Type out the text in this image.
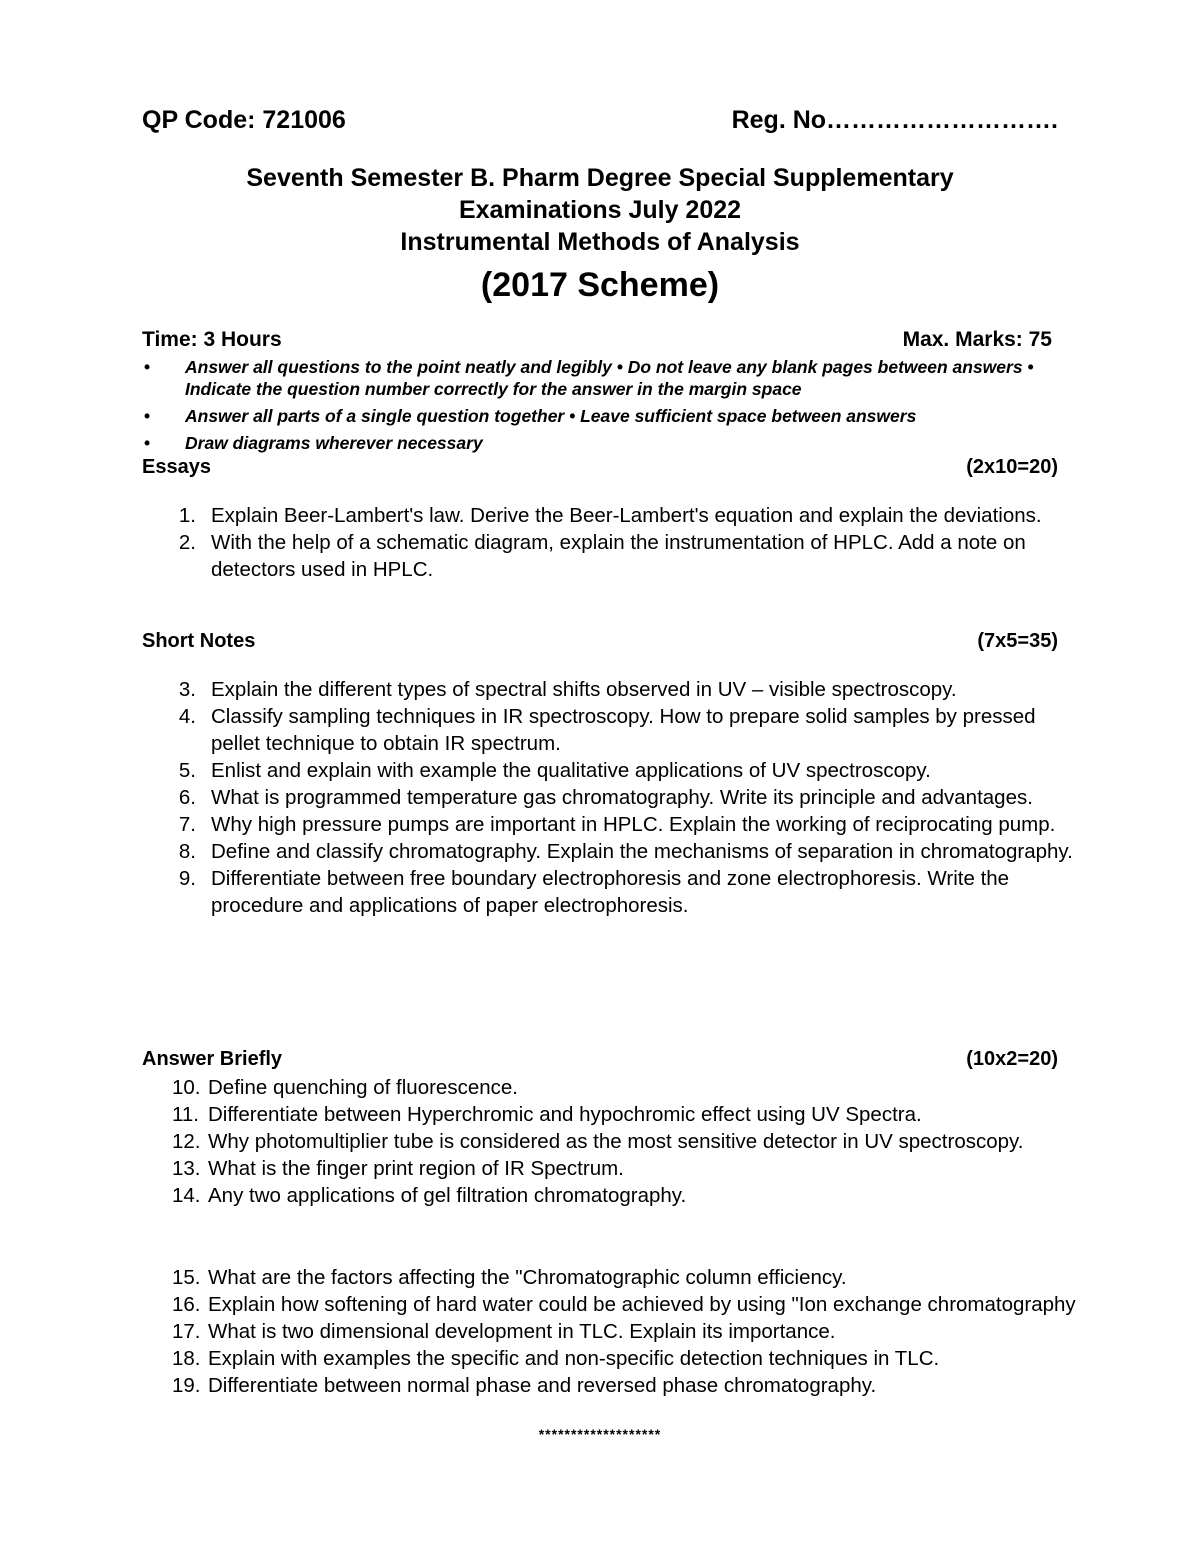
QP Code: 721006	Reg. No……………………….
Seventh Semester B. Pharm Degree Special Supplementary
Examinations July 2022
Instrumental Methods of Analysis
(2017 Scheme)
Time: 3 Hours	Max. Marks: 75
• Answer all questions to the point neatly and legibly • Do not leave any blank pages between answers • Indicate the question number correctly for the answer in the margin space
• Answer all parts of a single question together • Leave sufficient space between answers
• Draw diagrams wherever necessary
Essays	(2x10=20)
1. Explain Beer-Lambert's law. Derive the Beer-Lambert's equation and explain the deviations.
2. With the help of a schematic diagram, explain the instrumentation of HPLC. Add a note on detectors used in HPLC.
Short Notes	(7x5=35)
3. Explain the different types of spectral shifts observed in UV – visible spectroscopy.
4. Classify sampling techniques in IR spectroscopy. How to prepare solid samples by pressed pellet technique to obtain IR spectrum.
5. Enlist and explain with example the qualitative applications of UV spectroscopy.
6. What is programmed temperature gas chromatography. Write its principle and advantages.
7. Why high pressure pumps are important in HPLC. Explain the working of reciprocating pump.
8. Define and classify chromatography. Explain the mechanisms of separation in chromatography.
9. Differentiate between free boundary electrophoresis and zone electrophoresis. Write the procedure and applications of paper electrophoresis.
Answer Briefly	(10x2=20)
10. Define quenching of fluorescence.
11. Differentiate between Hyperchromic and hypochromic effect using UV Spectra.
12. Why photomultiplier tube is considered as the most sensitive detector in UV spectroscopy.
13. What is the finger print region of IR Spectrum.
14. Any two applications of gel filtration chromatography.
15. What are the factors affecting the "Chromatographic column efficiency.
16. Explain how softening of hard water could be achieved by using "Ion exchange chromatography
17. What is two dimensional development in TLC. Explain its importance.
18. Explain with examples the specific and non-specific detection techniques in TLC.
19. Differentiate between normal phase and reversed phase chromatography.
*******************
